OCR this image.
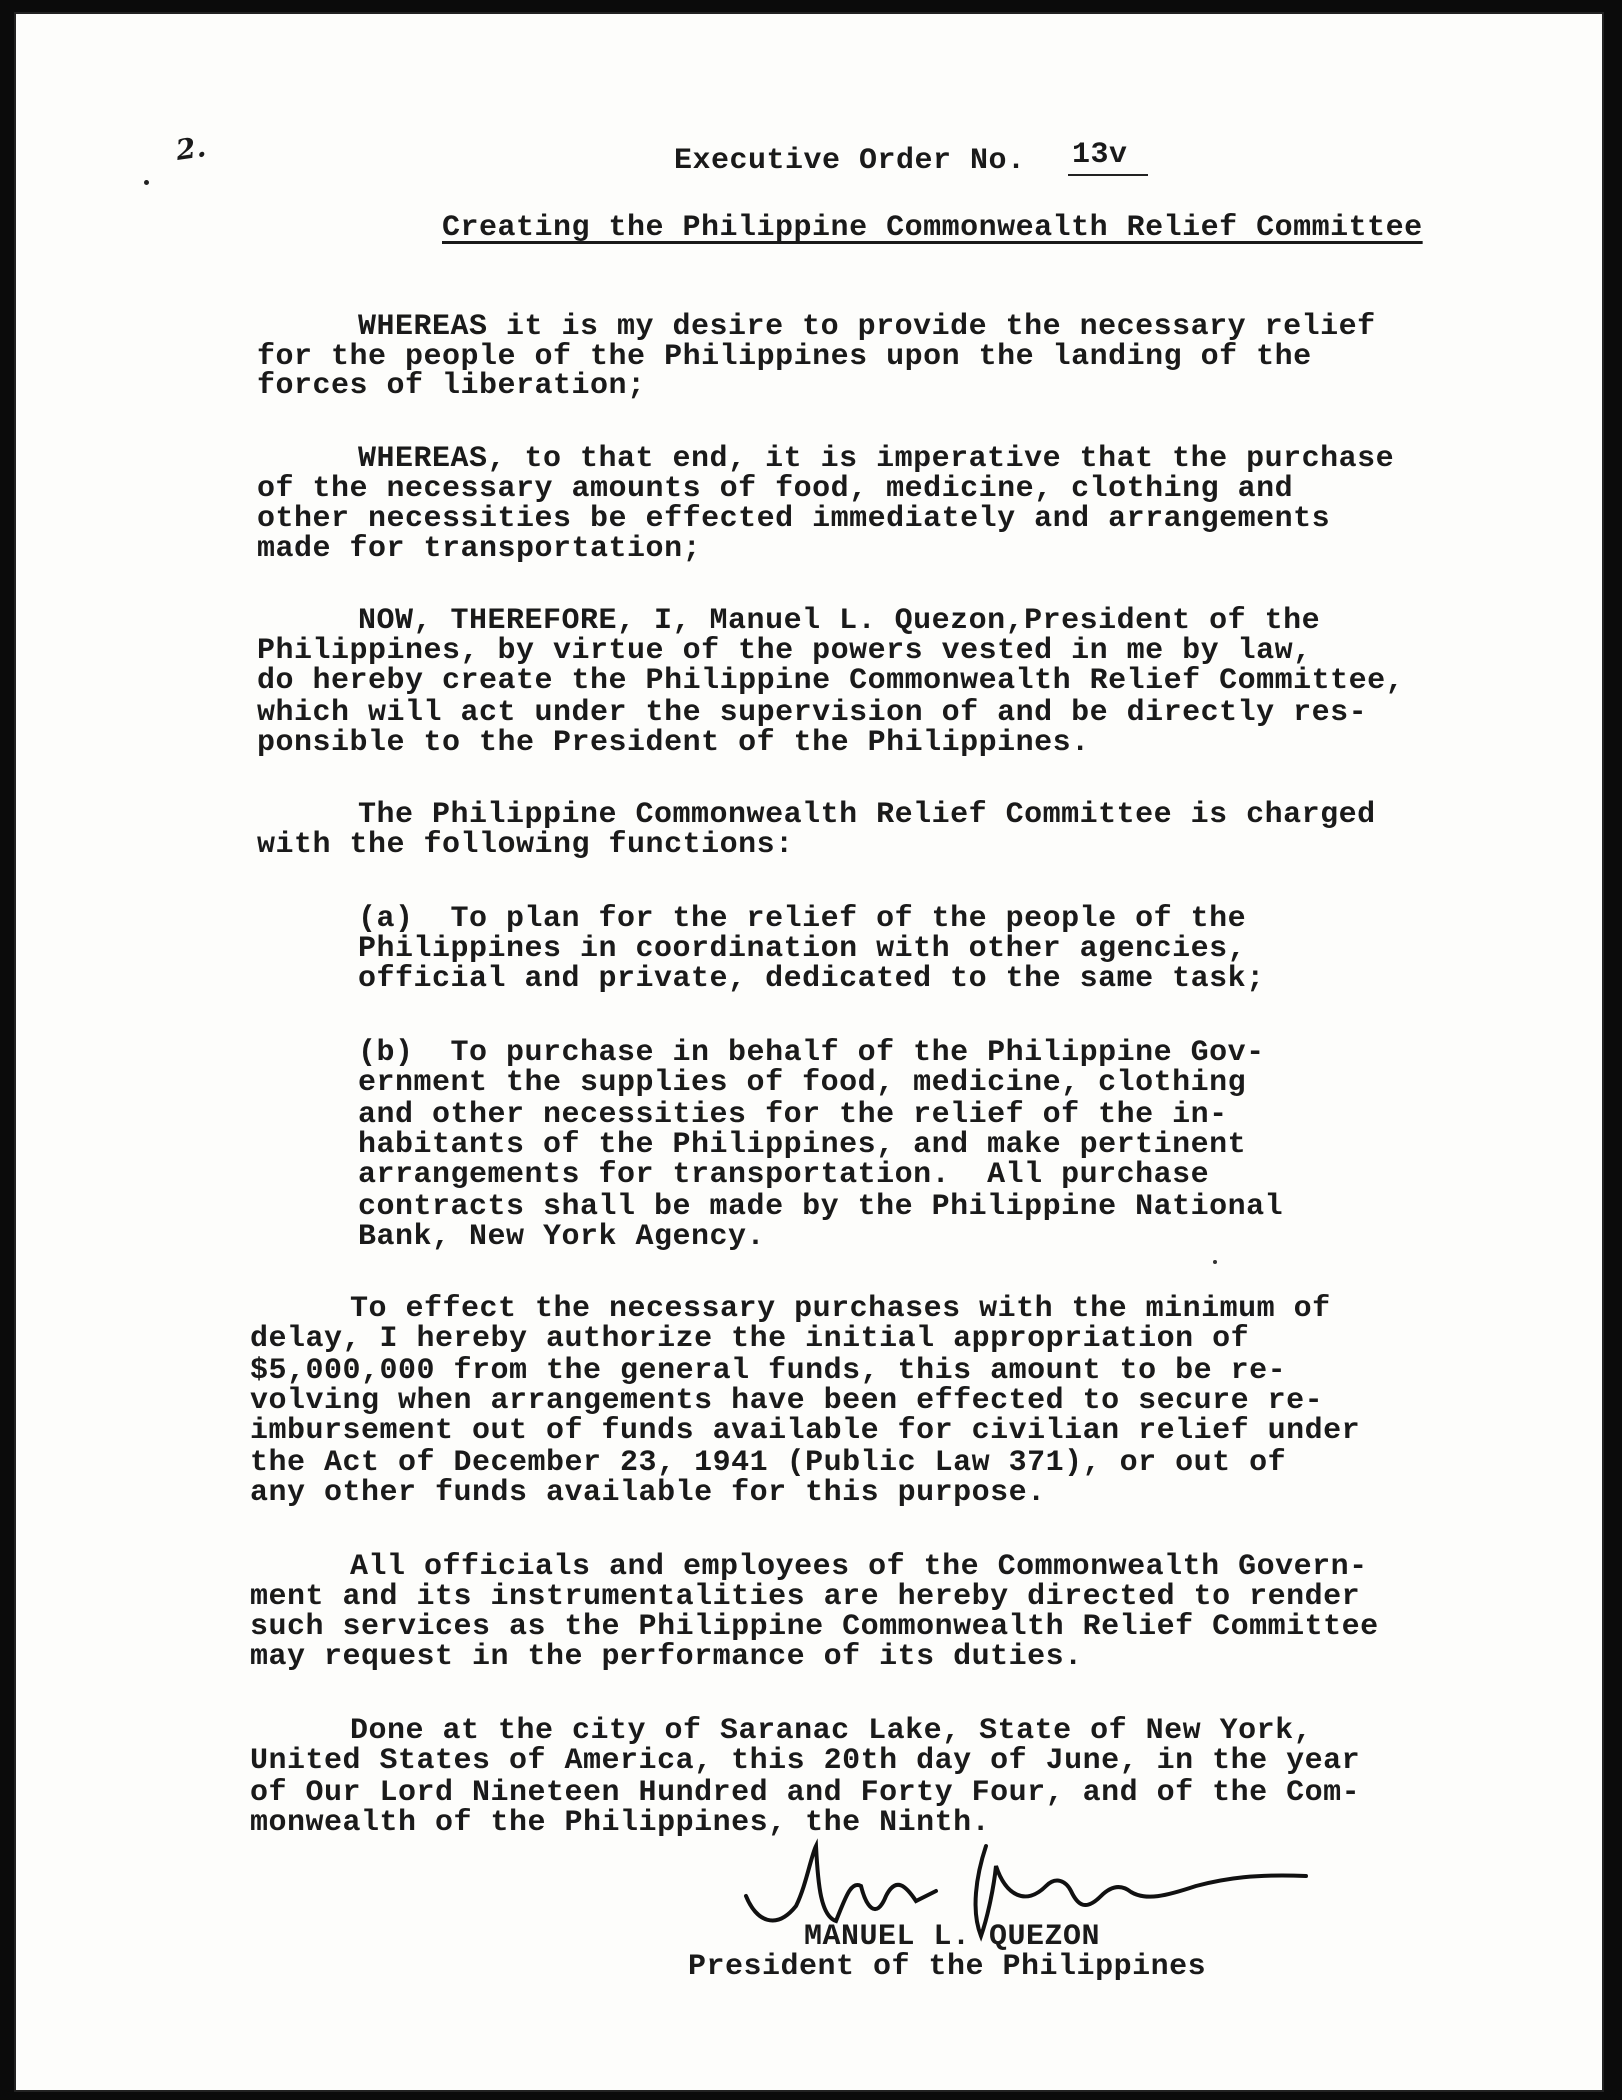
2.	Executive Order No. 13v
Creating the Philippine Commonwealth Relief Committee
WHEREAS it is my desire to provide the necessary relief
for the people of the Philippines upon the landing of the
forces of liberation;
WHEREAS, to that end, it is imperative that the purchase
of the necessary amounts of food, medicine, clothing and
other necessities be effected immediately and arrangements
made for transportation;
NOW, THEREFORE, I, Manuel L. Quezon,President of the
Philippines, by virtue of the powers vested in me by law,
do hereby create the Philippine Commonwealth Relief Committee,
which will act under the supervision of and be directly res-
ponsible to the President of the Philippines.
The Philippine Commonwealth Relief Committee is charged
with the following functions:
(a)  To plan for the relief of the people of the
Philippines in coordination with other agencies,
official and private, dedicated to the same task;
(b)  To purchase in behalf of the Philippine Gov-
ernment the supplies of food, medicine, clothing
and other necessities for the relief of the in-
habitants of the Philippines, and make pertinent
arrangements for transportation.  All purchase
contracts shall be made by the Philippine National
Bank, New York Agency.
To effect the necessary purchases with the minimum of
delay, I hereby authorize the initial appropriation of
$5,000,000 from the general funds, this amount to be re-
volving when arrangements have been effected to secure re-
imbursement out of funds available for civilian relief under
the Act of December 23, 1941 (Public Law 371), or out of
any other funds available for this purpose.
All officials and employees of the Commonwealth Govern-
ment and its instrumentalities are hereby directed to render
such services as the Philippine Commonwealth Relief Committee
may request in the performance of its duties.
Done at the city of Saranac Lake, State of New York,
United States of America, this 20th day of June, in the year
of Our Lord Nineteen Hundred and Forty Four, and of the Com-
monwealth of the Philippines, the Ninth.
MANUEL L. QUEZON
President of the Philippines
